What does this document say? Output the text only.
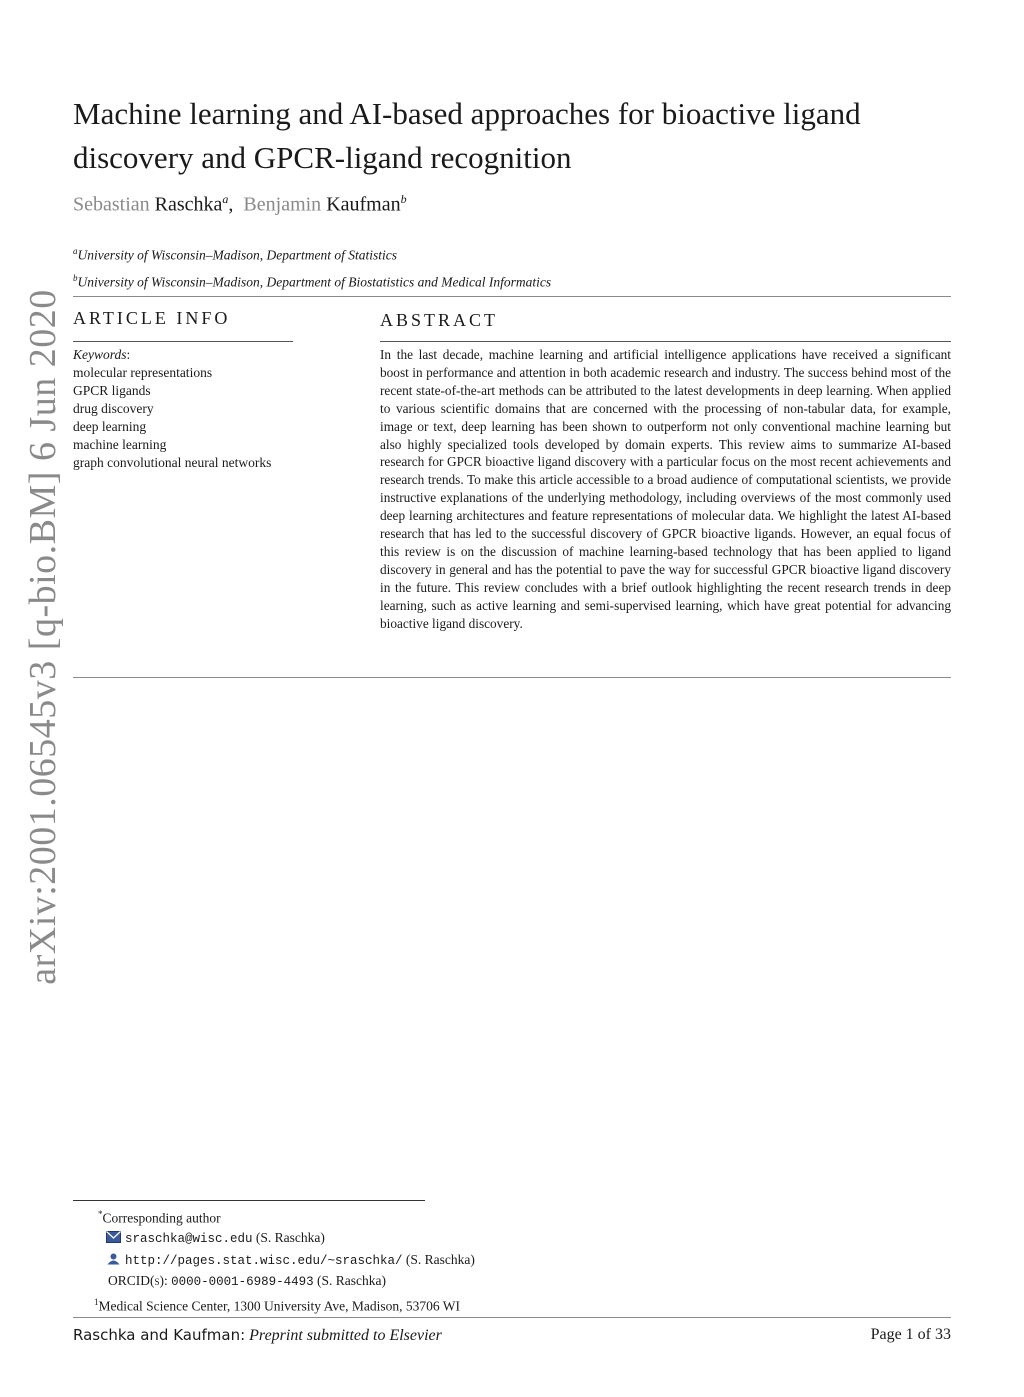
arXiv:2001.06545v3 [q-bio.BM] 6 Jun 2020
Machine learning and AI-based approaches for bioactive ligand discovery and GPCR-ligand recognition
Sebastian Raschka$^a$, Benjamin Kaufman$^b$
$^a$University of Wisconsin–Madison, Department of Statistics
$^b$University of Wisconsin–Madison, Department of Biostatistics and Medical Informatics
ARTICLE INFO	ABSTRACT
Keywords:
molecular representations
GPCR ligands
drug discovery
deep learning
machine learning
graph convolutional neural networks
In the last decade, machine learning and artificial intelligence applications have received a significant boost in performance and attention in both academic research and industry. The success behind most of the recent state-of-the-art methods can be attributed to the latest developments in deep learning. When applied to various scientific domains that are concerned with the processing of non-tabular data, for example, image or text, deep learning has been shown to outperform not only conventional machine learning but also highly specialized tools developed by domain experts. This review aims to summarize AI-based research for GPCR bioactive ligand discovery with a particular focus on the most recent achievements and research trends. To make this article accessible to a broad audience of computational scientists, we provide instructive explanations of the underlying methodology, including overviews of the most commonly used deep learning architectures and feature representations of molecular data. We highlight the latest AI-based research that has led to the successful discovery of GPCR bioactive ligands. However, an equal focus of this review is on the discussion of machine learning-based technology that has been applied to ligand discovery in general and has the potential to pave the way for successful GPCR bioactive ligand discovery in the future. This review concludes with a brief outlook highlighting the recent research trends in deep learning, such as active learning and semi-supervised learning, which have great potential for advancing bioactive ligand discovery.
*Corresponding author
sraschka@wisc.edu (S. Raschka)
http://pages.stat.wisc.edu/~sraschka/ (S. Raschka)
ORCID(s): 0000-0001-6989-4493 (S. Raschka)
$^1$Medical Science Center, 1300 University Ave, Madison, 53706 WI
Raschka and Kaufman: Preprint submitted to Elsevier	Page 1 of 33
